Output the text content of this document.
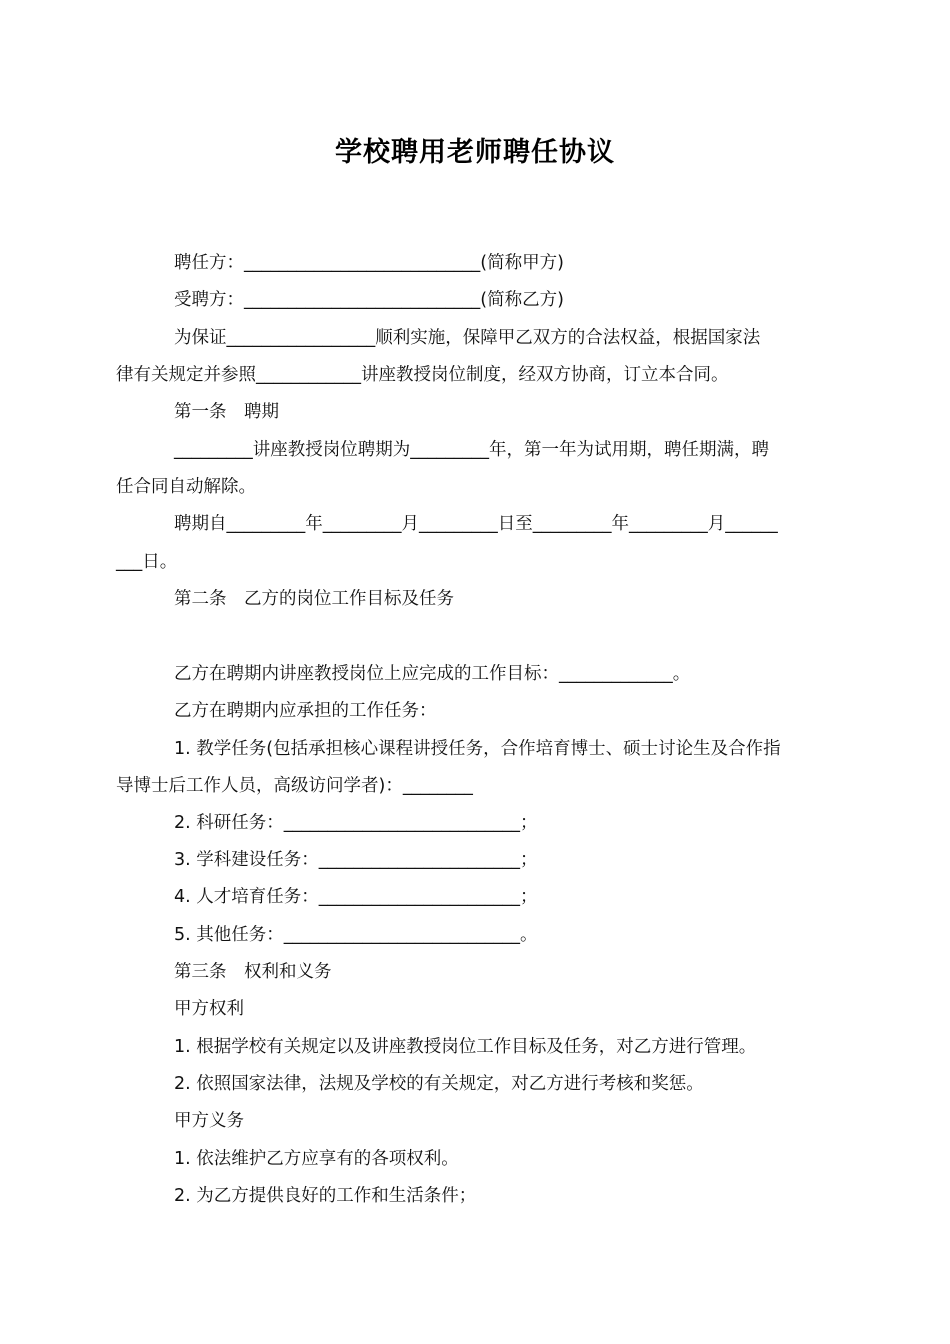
学校聘用老师聘任协议
聘任方：___________________________(简称甲方)
受聘方：___________________________(简称乙方)
为保证_________________顺利实施，保障甲乙双方的合法权益，根据国家法
律有关规定并参照____________讲座教授岗位制度，经双方协商，订立本合同。
第一条　聘期
_________讲座教授岗位聘期为_________年，第一年为试用期，聘任期满，聘
任合同自动解除。
聘期自_________年_________月_________日至_________年_________月______
___日。
第二条　乙方的岗位工作目标及任务
乙方在聘期内讲座教授岗位上应完成的工作目标：_____________。
乙方在聘期内应承担的工作任务：
1. 教学任务(包括承担核心课程讲授任务，合作培育博士、硕士讨论生及合作指
导博士后工作人员，高级访问学者)：________
2. 科研任务：___________________________；
3. 学科建设任务：_______________________；
4. 人才培育任务：_______________________；
5. 其他任务：___________________________。
第三条　权利和义务
甲方权利
1. 根据学校有关规定以及讲座教授岗位工作目标及任务，对乙方进行管理。
2. 依照国家法律，法规及学校的有关规定，对乙方进行考核和奖惩。
甲方义务
1. 依法维护乙方应享有的各项权利。
2. 为乙方提供良好的工作和生活条件；
